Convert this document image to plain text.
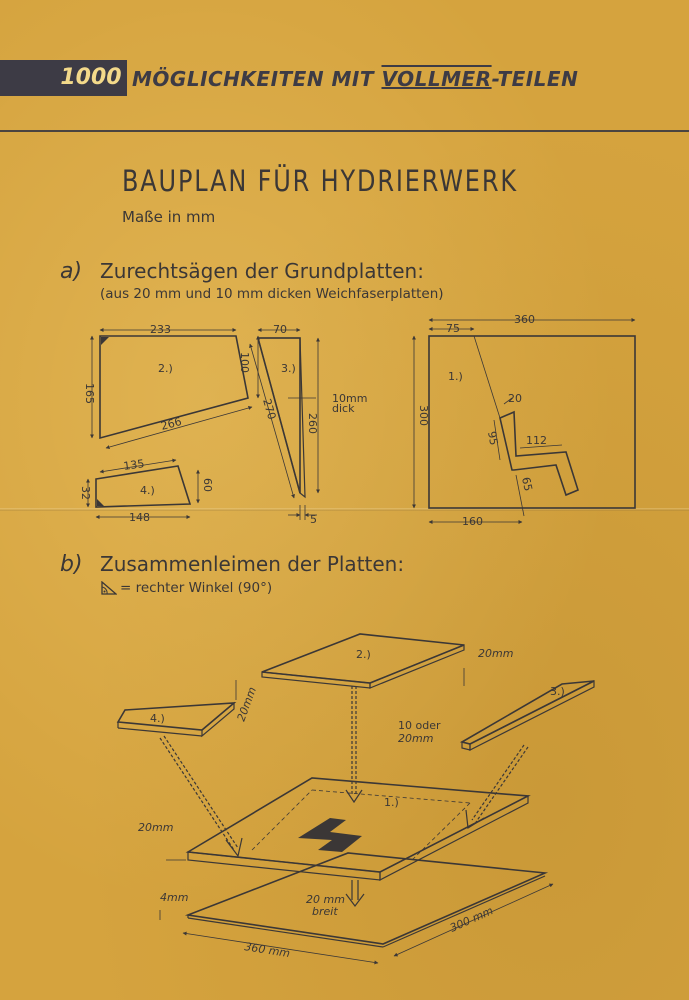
1000 MÖGLICHKEITEN MIT VOLLMER-TEILEN
BAUPLAN FÜR HYDRIERWERK
Maße in mm
a) Zurechtsägen der Grundplatten:
(aus 20 mm und 10 mm dicken Weichfaserplatten)
b) Zusammenleimen der Platten:
= rechter Winkel (90°)
233
2.)
165
100
266
70
3.)
270
260
5
10mm
dick
135
4.)
32
60
148
360
75
1.)
300
160
20
95 112
65
2.)	20mm
4.)	20mm	3.)
10 oder
20mm
1.)
20mm
4mm	20 mm
breit
360 mm
300 mm
